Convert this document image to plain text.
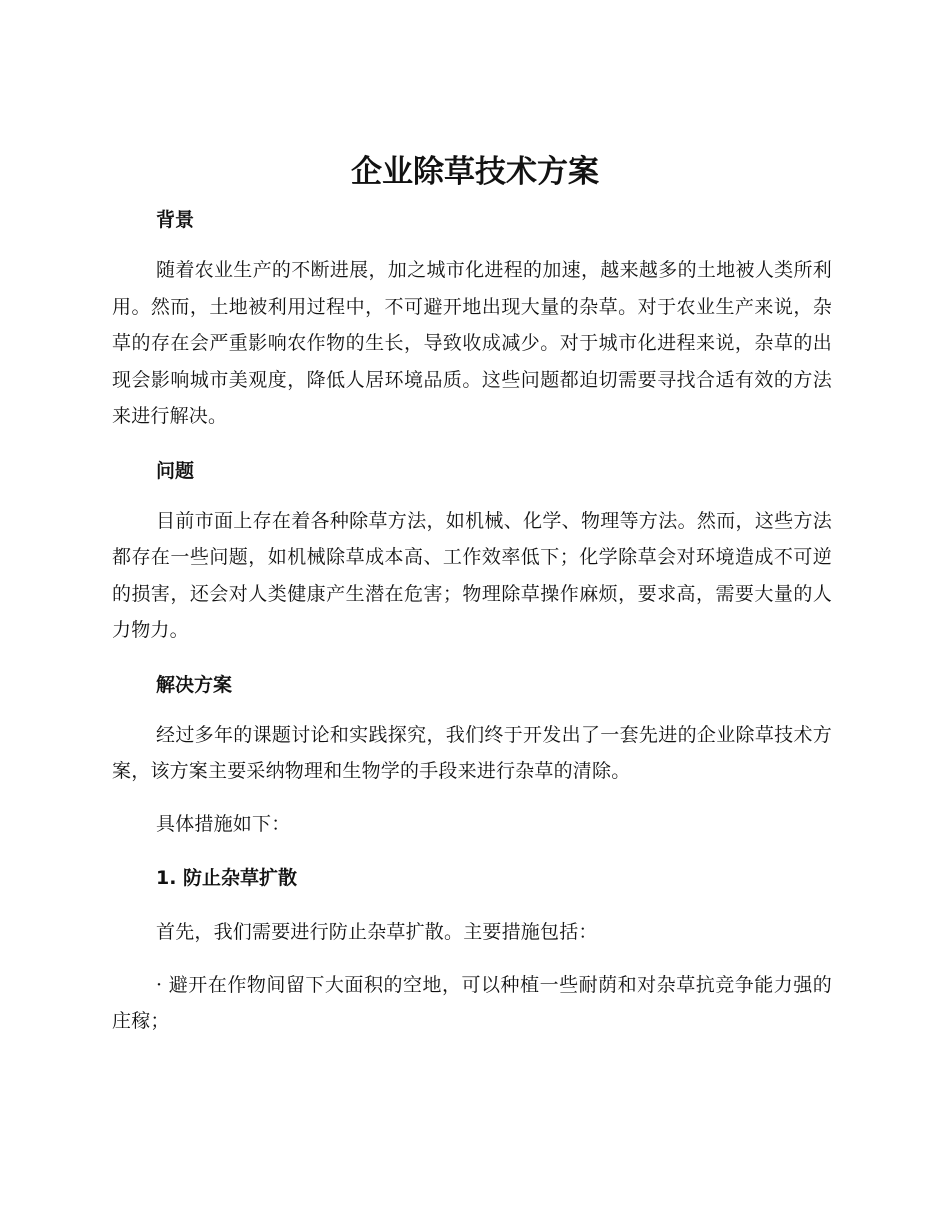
企业除草技术方案

背景

随着农业生产的不断进展，加之城市化进程的加速，越来越多的土地被人类所利用。然而，土地被利用过程中，不可避开地出现大量的杂草。对于农业生产来说，杂草的存在会严重影响农作物的生长，导致收成减少。对于城市化进程来说，杂草的出现会影响城市美观度，降低人居环境品质。这些问题都迫切需要寻找合适有效的方法来进行解决。

问题

目前市面上存在着各种除草方法，如机械、化学、物理等方法。然而，这些方法都存在一些问题，如机械除草成本高、工作效率低下；化学除草会对环境造成不可逆的损害，还会对人类健康产生潜在危害；物理除草操作麻烦，要求高，需要大量的人力物力。

解决方案

经过多年的课题讨论和实践探究，我们终于开发出了一套先进的企业除草技术方案，该方案主要采纳物理和生物学的手段来进行杂草的清除。

具体措施如下：

1. 防止杂草扩散

首先，我们需要进行防止杂草扩散。主要措施包括：

· 避开在作物间留下大面积的空地，可以种植一些耐荫和对杂草抗竞争能力强的庄稼；
